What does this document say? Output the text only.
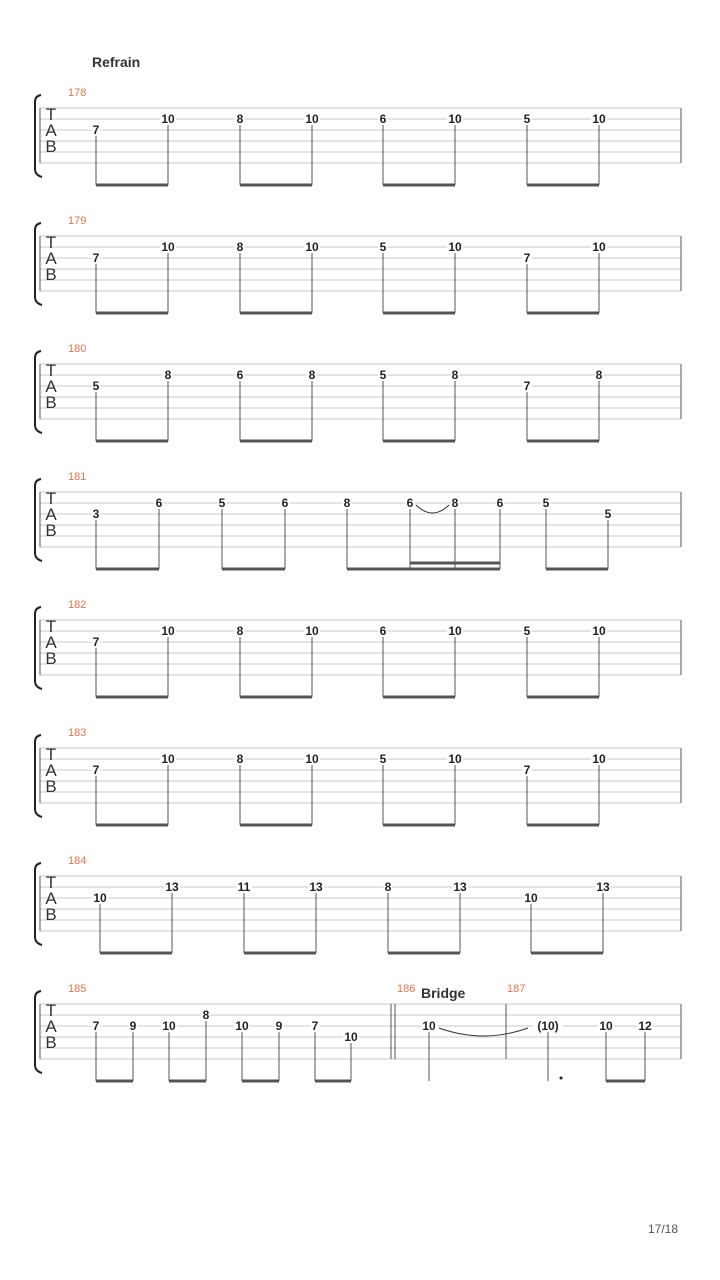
Refrain
Bridge
T
A
B
178
7
10	8	10	6	10	5	10
T
A
B
179
7
10	8	10	5	10
7
10
T
A
B
180
5
8	6	8	5	8
7
8
T
A
B
181
3
6	5	6	8	6	8	6	5
5
T
A
B
182
7
10	8	10	6	10	5	10
T
A
B
183
7
10	8	10	5	10
7
10
T
A
B
184
10
13	11	13	8	13
10
13
T
A
B
185
7	9 10
8
10 9 7
10
186
10
187
(10)	10 12
17/18
